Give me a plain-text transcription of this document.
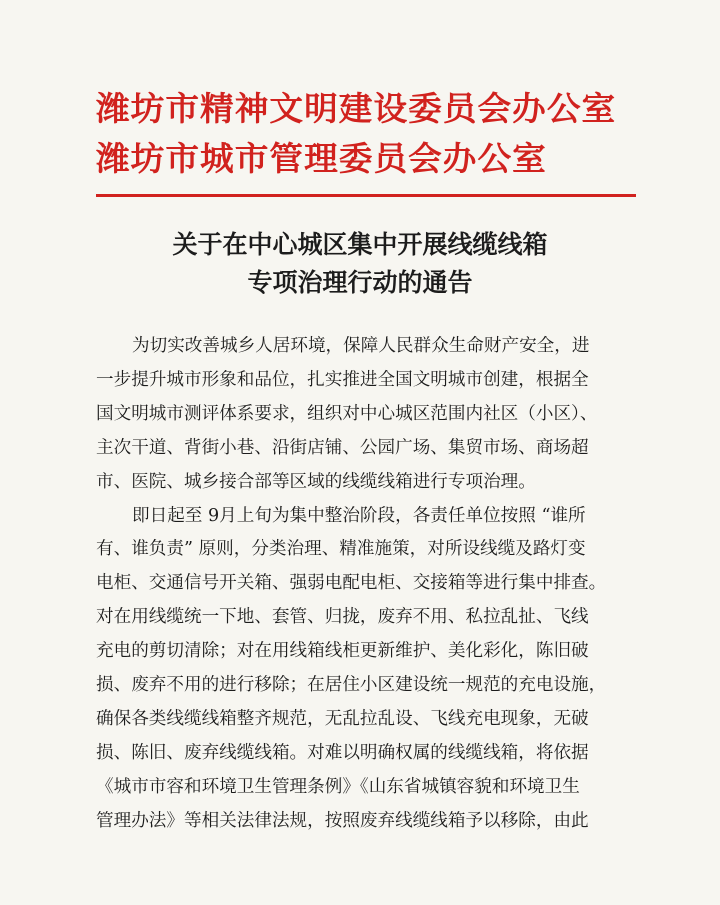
潍坊市精神文明建设委员会办公室
潍坊市城市管理委员会办公室
关于在中心城区集中开展线缆线箱
专项治理行动的通告
为切实改善城乡人居环境，保障人民群众生命财产安全，进
一步提升城市形象和品位，扎实推进全国文明城市创建，根据全
国文明城市测评体系要求，组织对中心城区范围内社区（小区）、
主次干道、背街小巷、沿街店铺、公园广场、集贸市场、商场超
市、医院、城乡接合部等区域的线缆线箱进行专项治理。
即日起至 9月上旬为集中整治阶段，各责任单位按照 “谁所
有、谁负责” 原则，分类治理、精准施策，对所设线缆及路灯变
电柜、交通信号开关箱、强弱电配电柜、交接箱等进行集中排查。
对在用线缆统一下地、套管、归拢，废弃不用、私拉乱扯、飞线
充电的剪切清除；对在用线箱线柜更新维护、美化彩化，陈旧破
损、废弃不用的进行移除；在居住小区建设统一规范的充电设施，
确保各类线缆线箱整齐规范，无乱拉乱设、飞线充电现象，无破
损、陈旧、废弃线缆线箱。对难以明确权属的线缆线箱，将依据
《城市市容和环境卫生管理条例》《山东省城镇容貌和环境卫生
管理办法》等相关法律法规，按照废弃线缆线箱予以移除，由此
